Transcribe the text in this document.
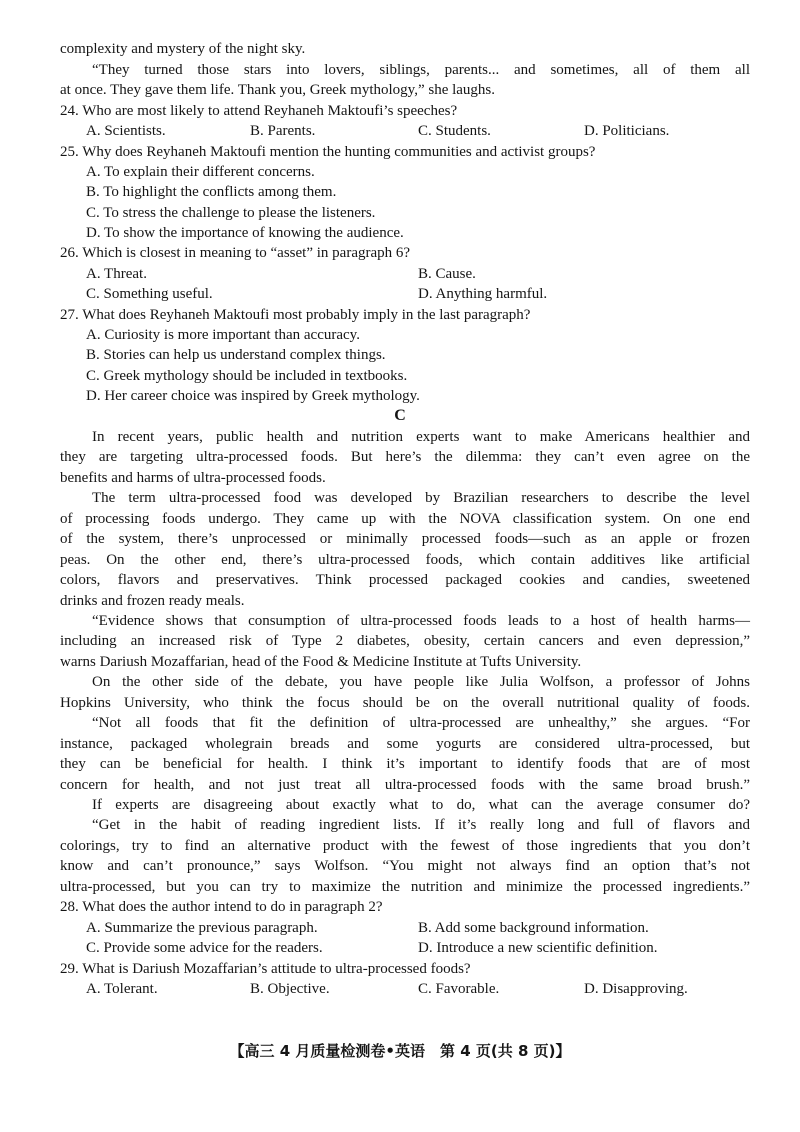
complexity and mystery of the night sky.
“They turned those stars into lovers, siblings, parents... and sometimes, all of them all
at once. They gave them life. Thank you, Greek mythology,” she laughs.
24. Who are most likely to attend Reyhaneh Maktoufi’s speeches?
A. Scientists.	B. Parents.	C. Students.	D. Politicians.
25. Why does Reyhaneh Maktoufi mention the hunting communities and activist groups?
A. To explain their different concerns.
B. To highlight the conflicts among them.
C. To stress the challenge to please the listeners.
D. To show the importance of knowing the audience.
26. Which is closest in meaning to “asset” in paragraph 6?
A. Threat.	B. Cause.
C. Something useful.	D. Anything harmful.
27. What does Reyhaneh Maktoufi most probably imply in the last paragraph?
A. Curiosity is more important than accuracy.
B. Stories can help us understand complex things.
C. Greek mythology should be included in textbooks.
D. Her career choice was inspired by Greek mythology.
C
In recent years, public health and nutrition experts want to make Americans healthier and
they are targeting ultra-processed foods. But here’s the dilemma: they can’t even agree on the
benefits and harms of ultra-processed foods.
The term ultra-processed food was developed by Brazilian researchers to describe the level
of processing foods undergo. They came up with the NOVA classification system. On one end
of the system, there’s unprocessed or minimally processed foods—such as an apple or frozen
peas. On the other end, there’s ultra-processed foods, which contain additives like artificial
colors, flavors and preservatives. Think processed packaged cookies and candies, sweetened
drinks and frozen ready meals.
“Evidence shows that consumption of ultra-processed foods leads to a host of health harms—
including an increased risk of Type 2 diabetes, obesity, certain cancers and even depression,”
warns Dariush Mozaffarian, head of the Food & Medicine Institute at Tufts University.
On the other side of the debate, you have people like Julia Wolfson, a professor of Johns
Hopkins University, who think the focus should be on the overall nutritional quality of foods.
“Not all foods that fit the definition of ultra-processed are unhealthy,” she argues. “For
instance, packaged wholegrain breads and some yogurts are considered ultra-processed, but
they can be beneficial for health. I think it’s important to identify foods that are of most
concern for health, and not just treat all ultra-processed foods with the same broad brush.”
If experts are disagreeing about exactly what to do, what can the average consumer do?
“Get in the habit of reading ingredient lists. If it’s really long and full of flavors and
colorings, try to find an alternative product with the fewest of those ingredients that you don’t
know and can’t pronounce,” says Wolfson. “You might not always find an option that’s not
ultra-processed, but you can try to maximize the nutrition and minimize the processed ingredients.”
28. What does the author intend to do in paragraph 2?
A. Summarize the previous paragraph.	B. Add some background information.
C. Provide some advice for the readers.	D. Introduce a new scientific definition.
29. What is Dariush Mozaffarian’s attitude to ultra-processed foods?
A. Tolerant.	B. Objective.	C. Favorable.	D. Disapproving.
【高三 4 月质量检测卷•英语　第 4 页(共 8 页)】
